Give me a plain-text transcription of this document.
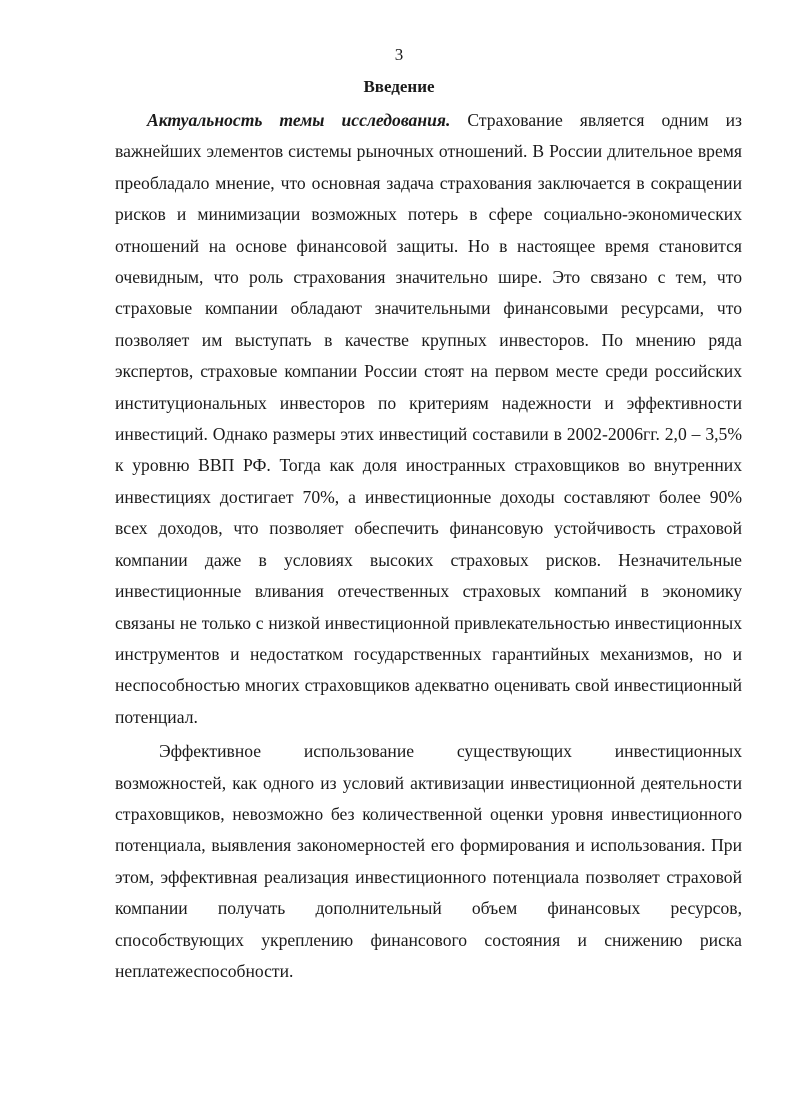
3
Введение

Актуальность темы исследования. Страхование является одним из важнейших элементов системы рыночных отношений. В России длительное время преобладало мнение, что основная задача страхования заключается в сокращении рисков и минимизации возможных потерь в сфере социально-экономических отношений на основе финансовой защиты. Но в настоящее время становится очевидным, что роль страхования значительно шире. Это связано с тем, что страховые компании обладают значительными финансовыми ресурсами, что позволяет им выступать в качестве крупных инвесторов. По мнению ряда экспертов, страховые компании России стоят на первом месте среди российских институциональных инвесторов по критериям надежности и эффективности инвестиций. Однако размеры этих инвестиций составили в 2002-2006гг. 2,0 – 3,5% к уровню ВВП РФ. Тогда как доля иностранных страховщиков во внутренних инвестициях достигает 70%, а инвестиционные доходы составляют более 90% всех доходов, что позволяет обеспечить финансовую устойчивость страховой компании даже в условиях высоких страховых рисков. Незначительные инвестиционные вливания отечественных страховых компаний в экономику связаны не только с низкой инвестиционной привлекательностью инвестиционных инструментов и недостатком государственных гарантийных механизмов, но и неспособностью многих страховщиков адекватно оценивать свой инвестиционный потенциал.

Эффективное использование существующих инвестиционных возможностей, как одного из условий активизации инвестиционной деятельности страховщиков, невозможно без количественной оценки уровня инвестиционного потенциала, выявления закономерностей его формирования и использования. При этом, эффективная реализация инвестиционного потенциала позволяет страховой компании получать дополнительный объем финансовых ресурсов, способствующих укреплению финансового состояния и снижению риска неплатежеспособности.
